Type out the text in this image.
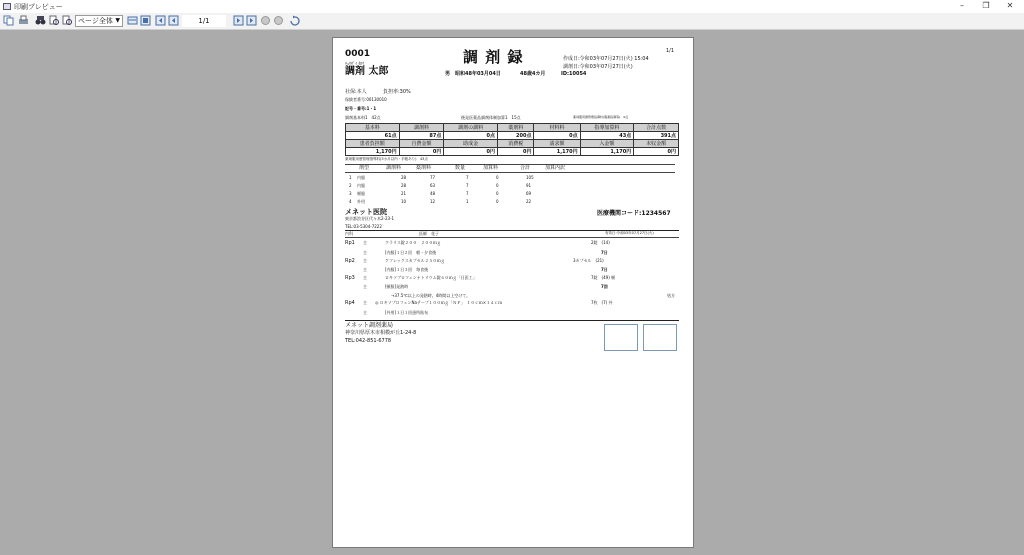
印刷プレビュー	–	❐	✕
ページ全体 ▼	1/1
0001	1/1
調 剤 録	作成日:令和03年07月27日(火) 15:04
調剤日:令和03年07月27日(火)
ﾁｮｳｻﾞｲ ﾀﾛｳ
調剤 太郎	男 昭和48年03月04日	48歳4カ月	ID:10054
社保:本人	負担率:30%
保険者番号:00130010
記号・番号:1・1
調剤基本料1　42点	後発医薬品調剤体制加算1　15点	薬剤服用歴管理指導料(服薬指導等)　0点
基本料	調剤料	調剤の調料	薬剤料	材料料	指導加算料	合計点数
61点	87点	0点	200点	0点	43点	391点
患者負担額	自費金額	助成金	消費税	請求額	入金額	未収金額
1,170円	0円	0円	0円	1,170円	1,170円	0円
薬剤服用歴管理指導料(3カ月以内・手帳あり)　43点
剤型	調剤料	薬剤料	数量	加算料	合計	加算内訳
1 内服	28	77	7	0	105
2 内服	28	63	7	0	91
3 頓服	21	48	7	0	69
4 外用	10	12	1	0	22
メネット医院
東京都渋谷区代々木2-23-1
TEL:03-5304-7222
医療機関コード:1234567
内科	医師　花子	有効日:令和03年07月27日(火)
Rp1 主	クラリス錠２００　２００ｍｇ	2錠　(14)
主	[内服]１日２回　朝・夕食後	7日
Rp2 主	ケフレックスカプセル２５０ｍｇ	3カプセル　(21)
主	[内服]１日３回　毎食後	7日
Rp3 主	ロキソプロフェンナトリウム錠６０ｍｇ「日医工」	7錠　(49) 頓
主	[頓服]発熱時	7回
→37.5℃以上の発熱時。4時間以上空けて。	処方
Rp4 主 ◎ ロキソプロフェンNaテープ１００ｍｇ「ＮＰ」　１０ｃｍ×１４ｃｍ	7枚　(7) 外
主	[外用]１日１回患所貼布
メネット調剤薬局
神奈川県厚木市相模が丘1-24-8
TEL:042-851-6778
